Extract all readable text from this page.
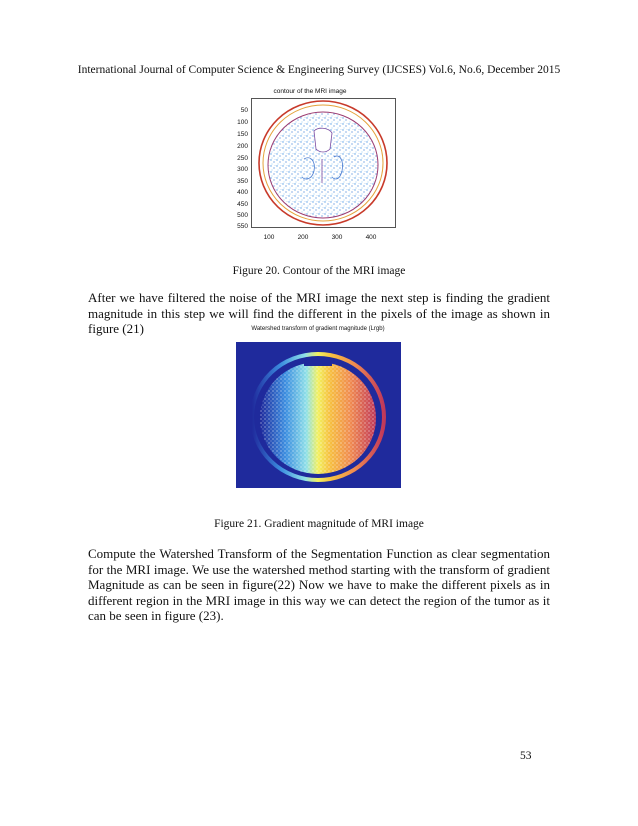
International Journal of Computer Science & Engineering Survey (IJCSES) Vol.6, No.6, December 2015
contour of the MRI image
50
100
150
200
250
300
350
400
450
500
550
100	200	300	400
Figure 20. Contour of the MRI image
After we have filtered the noise of the MRI image the next step is finding the gradient magnitude in this step we will find the different in the pixels of the image as shown in figure (21)	Watershed transform of gradient magnitude (Lrgb)
Figure 21. Gradient magnitude of MRI image
Compute the Watershed Transform of the Segmentation Function as clear segmentation for the MRI image. We use the watershed method starting with the transform of gradient Magnitude as can be seen in figure(22) Now we have to make the different pixels as in different region in the MRI image in this way we can detect the region of the tumor as it can be seen in figure (23).
53
